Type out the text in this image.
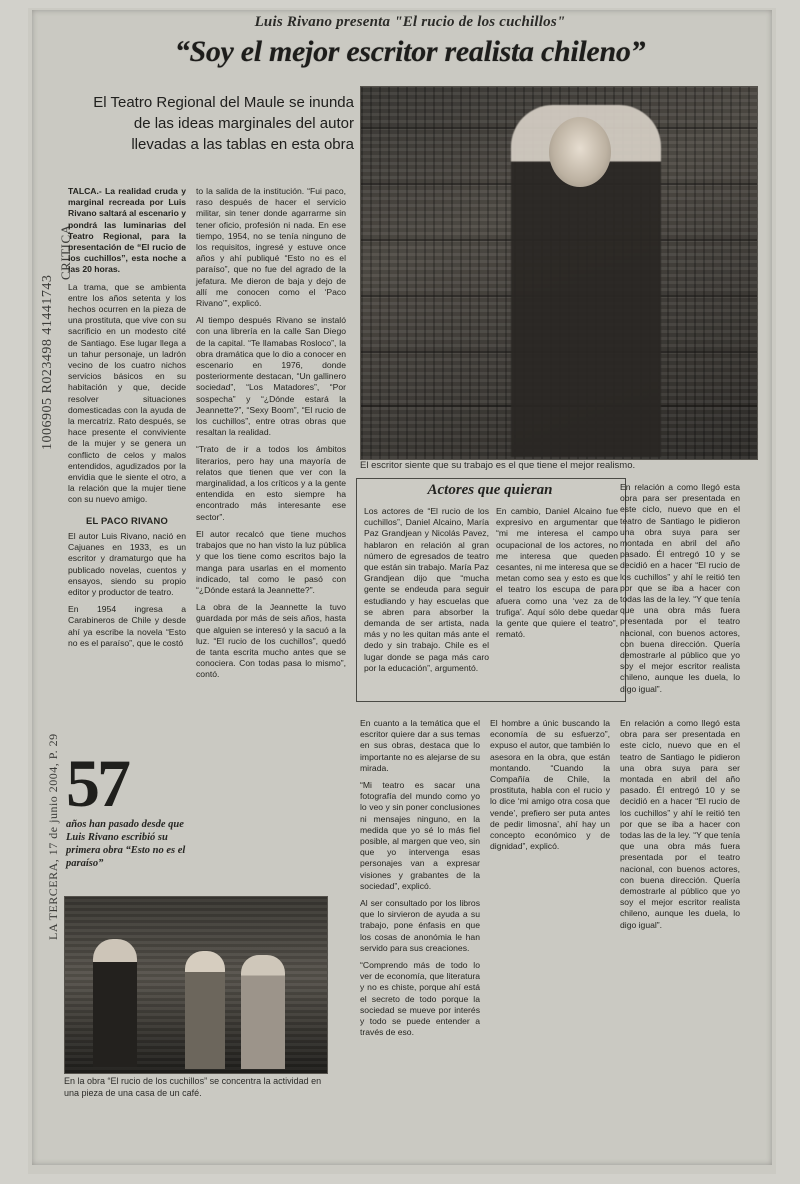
CRITICA
1006905 R023498 41441743
LA TERCERA, 17 de junio 2004, P. 29
Luis Rivano presenta "El rucio de los cuchillos"
“Soy el mejor escritor realista chileno”
El Teatro Regional del Maule se inunda de las ideas marginales del autor llevadas a las tablas en esta obra
El escritor siente que su trabajo es el que tiene el mejor realismo.

TALCA.- La realidad cruda y marginal recreada por Luis Rivano saltará al escenario y pondrá las luminarias del Teatro Regional, para la presentación de “El rucio de los cuchillos”, esta noche a las 20 horas.

La trama, que se ambienta entre los años setenta y los hechos ocurren en la pieza de una prostituta, que vive con su sacrificio en un modesto cité de Santiago. Ese lugar llega a un tahur personaje, un ladrón vecino de los cuatro nichos servicios básicos en su habitación y que, decide resolver situaciones domesticadas con la ayuda de la mercatriz. Rato después, se hace presente el conviviente de la mujer y se genera un conflicto de celos y malos entendidos, agudizados por la envidia que le siente el otro, a la relación que la mujer tiene con su nuevo amigo.

EL PACO RIVANO

El autor Luis Rivano, nació en Cajuanes en 1933, es un escritor y dramaturgo que ha publicado novelas, cuentos y ensayos, siendo su propio editor y productor de teatro.

En 1954 ingresa a Carabineros de Chile y desde ahí ya escribe la novela “Esto no es el paraíso”, que le costó

to la salida de la institución. “Fui paco, raso después de hacer el servicio militar, sin tener donde agarrarme sin tener oficio, profesión ni nada. En ese tiempo, 1954, no se tenía ninguno de los requisitos, ingresé y estuve once años y ahí publiqué “Esto no es el paraíso”, que no fue del agrado de la jefatura. Me dieron de baja y dejo de allí me conocen como el ‘Paco Rivano’”, explicó.

Al tiempo después Rivano se instaló con una librería en la calle San Diego de la capital. “Te llamabas Rosloco”, la obra dramática que lo dio a conocer en escenario en 1976, donde posteriormente destacan, “Un gallinero sociedad”, “Los Matadores”, “Por sospecha” y “¿Dónde estará la Jeannette?”, “Sexy Boom”, “El rucio de los cuchillos”, entre otras obras que resaltan la realidad.

“Trato de ir a todos los ámbitos literarios, pero hay una mayoría de relatos que tienen que ver con la marginalidad, a los críticos y a la gente entendida en esto siempre ha encontrado más interesante ese sector”.

El autor recalcó que tiene muchos trabajos que no han visto la luz pública y que los tiene como escritos bajo la manga para usarlas en el momento indicado, tal como le pasó con “¿Dónde estará la Jeannette?”.

La obra de la Jeannette la tuvo guardada por más de seis años, hasta que alguien se interesó y la sacuó a la luz. “El rucio de los cuchillos”, quedó de tanta escrita mucho antes que se conociera. Con todas pasa lo mismo”, contó.

Actores que quieran

Los actores de “El rucio de los cuchillos”, Daniel Alcaino, María Paz Grandjean y Nicolás Pavez, hablaron en relación al gran número de egresados de teatro que están sin trabajo. María Paz Grandjean dijo que “mucha gente se endeuda para seguir estudiando y hay escuelas que se abren para absorber la demanda de ser artista, nada más y no les quitan más ante el dedo y sin trabajo. Chile es el lugar donde se paga más caro por la educación”, argumentó.

En cambio, Daniel Alcaino fue expresivo en argumentar que “mi me interesa el campo ocupacional de los actores, no me interesa que queden cesantes, ni me interesa que se metan como sea y esto es que el teatro los escupa de para afuera como una ‘vez za de trufiga’. Aquí sólo debe quedar la gente que quiere el teatro”, remató.

En relación a como llegó esta obra para ser presentada en este ciclo, nuevo que en el teatro de Santiago le pidieron una obra suya para ser montada en abril del año pasado. Él entregó 10 y se decidió en a hacer “El rucio de los cuchillos” y ahí le reitió ten por que se iba a hacer con todas las de la ley. “Y que tenía que una obra más fuera presentada por el teatro nacional, con buenos actores, con buena dirección. Quería demostrarle al público que yo soy el mejor escritor realista chileno, aunque les duela, lo digo igual”.

En cuanto a la temática que el escritor quiere dar a sus temas en sus obras, destaca que lo importante no es alejarse de su mirada.

“Mi teatro es sacar una fotografía del mundo como yo lo veo y sin poner conclusiones ni mensajes ninguno, en la medida que yo sé lo más fiel posible, al margen que veo, sin que yo intervenga esas personajes van a expresar visiones y grabantes de la sociedad”, explicó.

Al ser consultado por los libros que lo sirvieron de ayuda a su trabajo, pone énfasis en que los cosas de anonómia le han servido para sus creaciones.

“Comprendo más de todo lo ver de economía, que literatura y no es chiste, porque ahí está el secreto de todo porque la sociedad se mueve por interés y todo se puede entender a través de eso.

El hombre a únic buscando la economía de su esfuerzo”, expuso el autor, que también lo asesora en la obra, que están montando. “Cuando la Compañía de Chile, la prostituta, habla con el rucio y lo dice ‘mi amigo otra cosa que vende’, prefiero ser puta antes de pedir limosna’, ahí hay un concepto económico y de dignidad”, explicó.

En relación a como llegó esta obra para ser presentada en este ciclo, nuevo que en el teatro de Santiago le pidieron una obra suya para ser montada en abril del año pasado. Él entregó 10 y se decidió en a hacer “El rucio de los cuchillos” y ahí le reitió ten por que se iba a hacer con todas las de la ley. “Y que tenía que una obra más fuera presentada por el teatro nacional, con buenos actores, con buena dirección. Quería demostrarle al público que yo soy el mejor escritor realista chileno, aunque les duela, lo digo igual”.

57
años han pasado desde que Luis Rivano escribió su primera obra “Esto no es el paraíso”
En la obra “El rucio de los cuchillos” se concentra la actividad en una pieza de una casa de un café.
